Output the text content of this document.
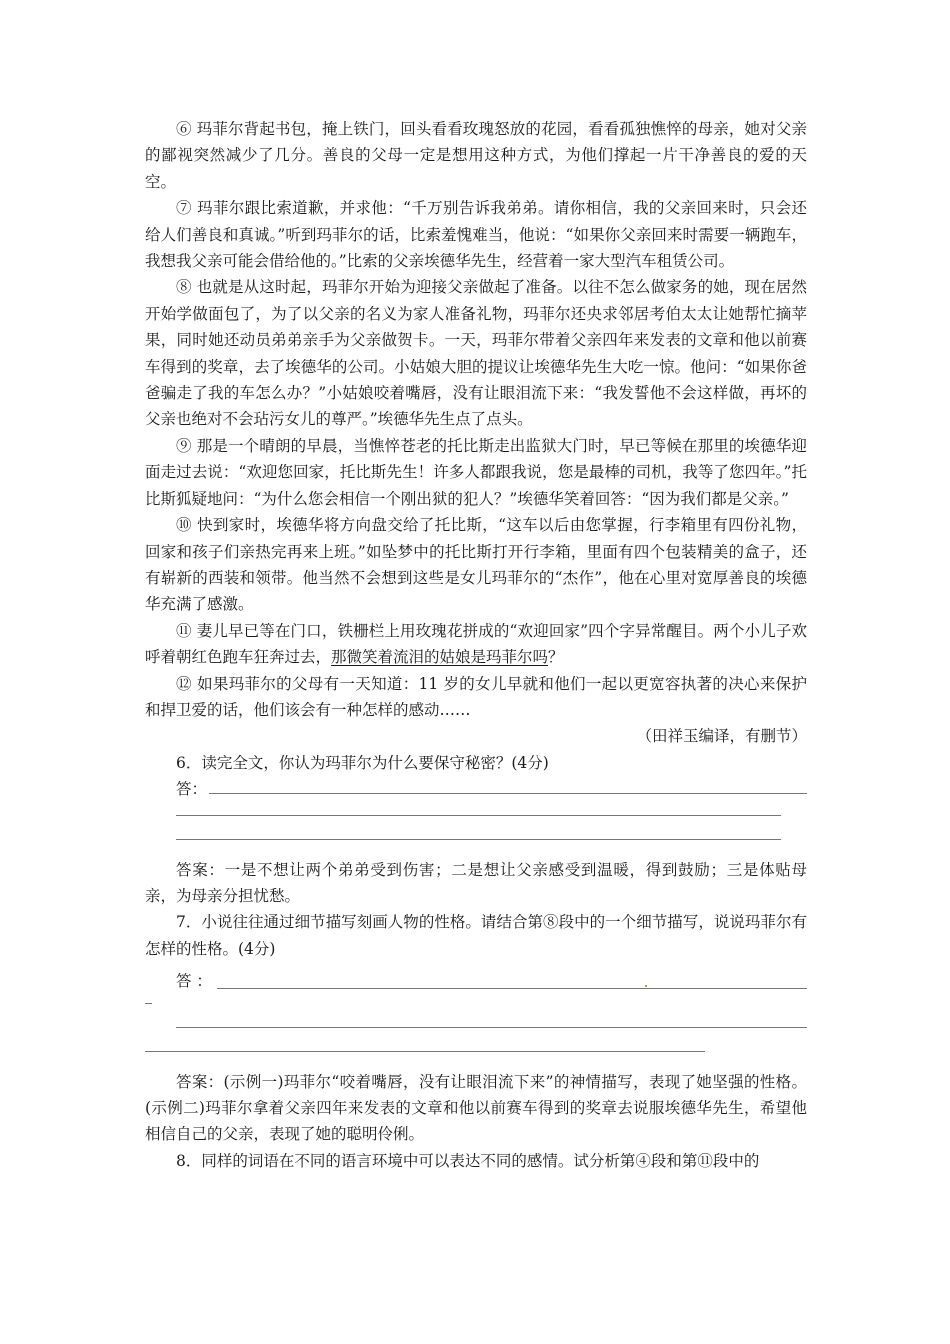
⑥ 玛菲尔背起书包，掩上铁门，回头看看玫瑰怒放的花园，看看孤独憔悴的母亲，她对父亲的鄙视突然减少了几分。善良的父母一定是想用这种方式，为他们撑起一片干净善良的爱的天空。

⑦ 玛菲尔跟比索道歉，并求他：“千万别告诉我弟弟。请你相信，我的父亲回来时，只会还给人们善良和真诚。”听到玛菲尔的话，比索羞愧难当，他说：“如果你父亲回来时需要一辆跑车，我想我父亲可能会借给他的。”比索的父亲埃德华先生，经营着一家大型汽车租赁公司。

⑧ 也就是从这时起，玛菲尔开始为迎接父亲做起了准备。以往不怎么做家务的她，现在居然开始学做面包了，为了以父亲的名义为家人准备礼物，玛菲尔还央求邻居考伯太太让她帮忙摘苹果，同时她还动员弟弟亲手为父亲做贺卡。一天，玛菲尔带着父亲四年来发表的文章和他以前赛车得到的奖章，去了埃德华的公司。小姑娘大胆的提议让埃德华先生大吃一惊。他问：“如果你爸爸骗走了我的车怎么办？”小姑娘咬着嘴唇，没有让眼泪流下来：“我发誓他不会这样做，再坏的父亲也绝对不会玷污女儿的尊严。”埃德华先生点了点头。

⑨ 那是一个晴朗的早晨，当憔悴苍老的托比斯走出监狱大门时，早已等候在那里的埃德华迎面走过去说：“欢迎您回家，托比斯先生！许多人都跟我说，您是最棒的司机，我等了您四年。”托比斯狐疑地问：“为什么您会相信一个刚出狱的犯人？”埃德华笑着回答：“因为我们都是父亲。”

⑩ 快到家时，埃德华将方向盘交给了托比斯，“这车以后由您掌握，行李箱里有四份礼物，回家和孩子们亲热完再来上班。”如坠梦中的托比斯打开行李箱，里面有四个包装精美的盒子，还有崭新的西装和领带。他当然不会想到这些是女儿玛菲尔的“杰作”，他在心里对宽厚善良的埃德华充满了感激。

⑪ 妻儿早已等在门口，铁栅栏上用玫瑰花拼成的“欢迎回家”四个字异常醒目。两个小儿子欢呼着朝红色跑车狂奔过去，那微笑着流泪的姑娘是玛菲尔吗？

⑫ 如果玛菲尔的父母有一天知道：11 岁的女儿早就和他们一起以更宽容执著的决心来保护和捍卫爱的话，他们该会有一种怎样的感动……

（田祥玉编译，有删节）

6．读完全文，你认为玛菲尔为什么要保守秘密？(4分)

答：

答案：一是不想让两个弟弟受到伤害；二是想让父亲感受到温暖，得到鼓励；三是体贴母亲，为母亲分担忧愁。

7．小说往往通过细节描写刻画人物的性格。请结合第⑧段中的一个细节描写，说说玛菲尔有怎样的性格。(4分)

答 ：

答案：(示例一)玛菲尔“咬着嘴唇，没有让眼泪流下来”的神情描写，表现了她坚强的性格。(示例二)玛菲尔拿着父亲四年来发表的文章和他以前赛车得到的奖章去说服埃德华先生，希望他相信自己的父亲，表现了她的聪明伶俐。

8．同样的词语在不同的语言环境中可以表达不同的感情。试分析第④段和第⑪段中的
